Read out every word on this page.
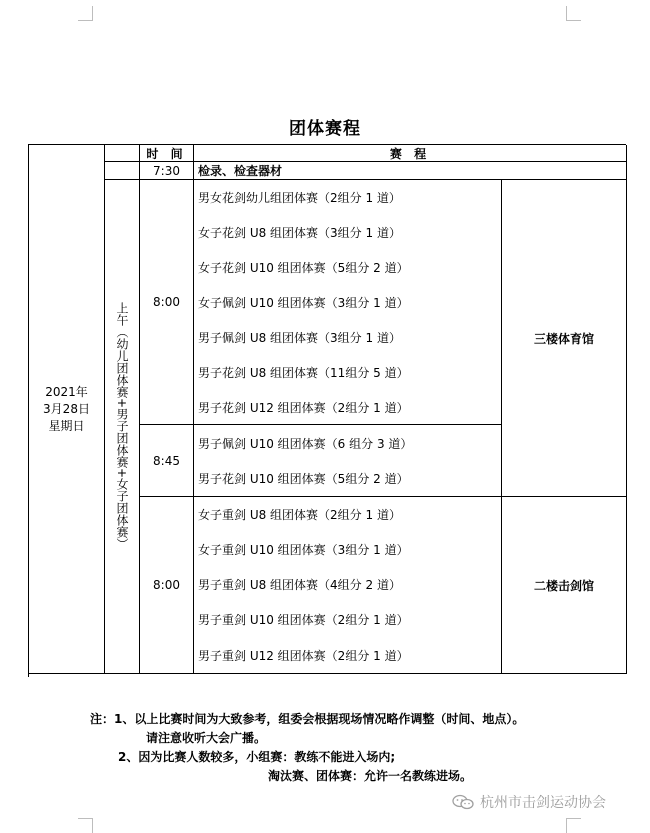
团体赛程
2021年
3月28日
星期日
时 间	赛 程
7:30	检录、检查器材
上午（幼儿团体赛+男子团体赛+女子团体赛）
8:00
8:45
8:00
男女花剑幼儿组团体赛（2组分 1 道）
女子花剑 U8 组团体赛（3组分 1 道）
女子花剑 U10 组团体赛（5组分 2 道）
女子佩剑 U10 组团体赛（3组分 1 道）
男子佩剑 U8 组团体赛（3组分 1 道）
男子花剑 U8 组团体赛（11组分 5 道）
男子花剑 U12 组团体赛（2组分 1 道）
男子佩剑 U10 组团体赛（6 组分 3 道）
男子花剑 U10 组团体赛（5组分 2 道）
女子重剑 U8 组团体赛（2组分 1 道）
女子重剑 U10 组团体赛（3组分 1 道）
男子重剑 U8 组团体赛（4组分 2 道）
男子重剑 U10 组团体赛（2组分 1 道）
男子重剑 U12 组团体赛（2组分 1 道）
三楼体育馆
二楼击剑馆
注：1、以上比赛时间为大致参考，组委会根据现场情况略作调整（时间、地点）。
请注意收听大会广播。
2、因为比赛人数较多，小组赛：教练不能进入场内;
淘汰赛、团体赛：允许一名教练进场。
杭州市击剑运动协会
